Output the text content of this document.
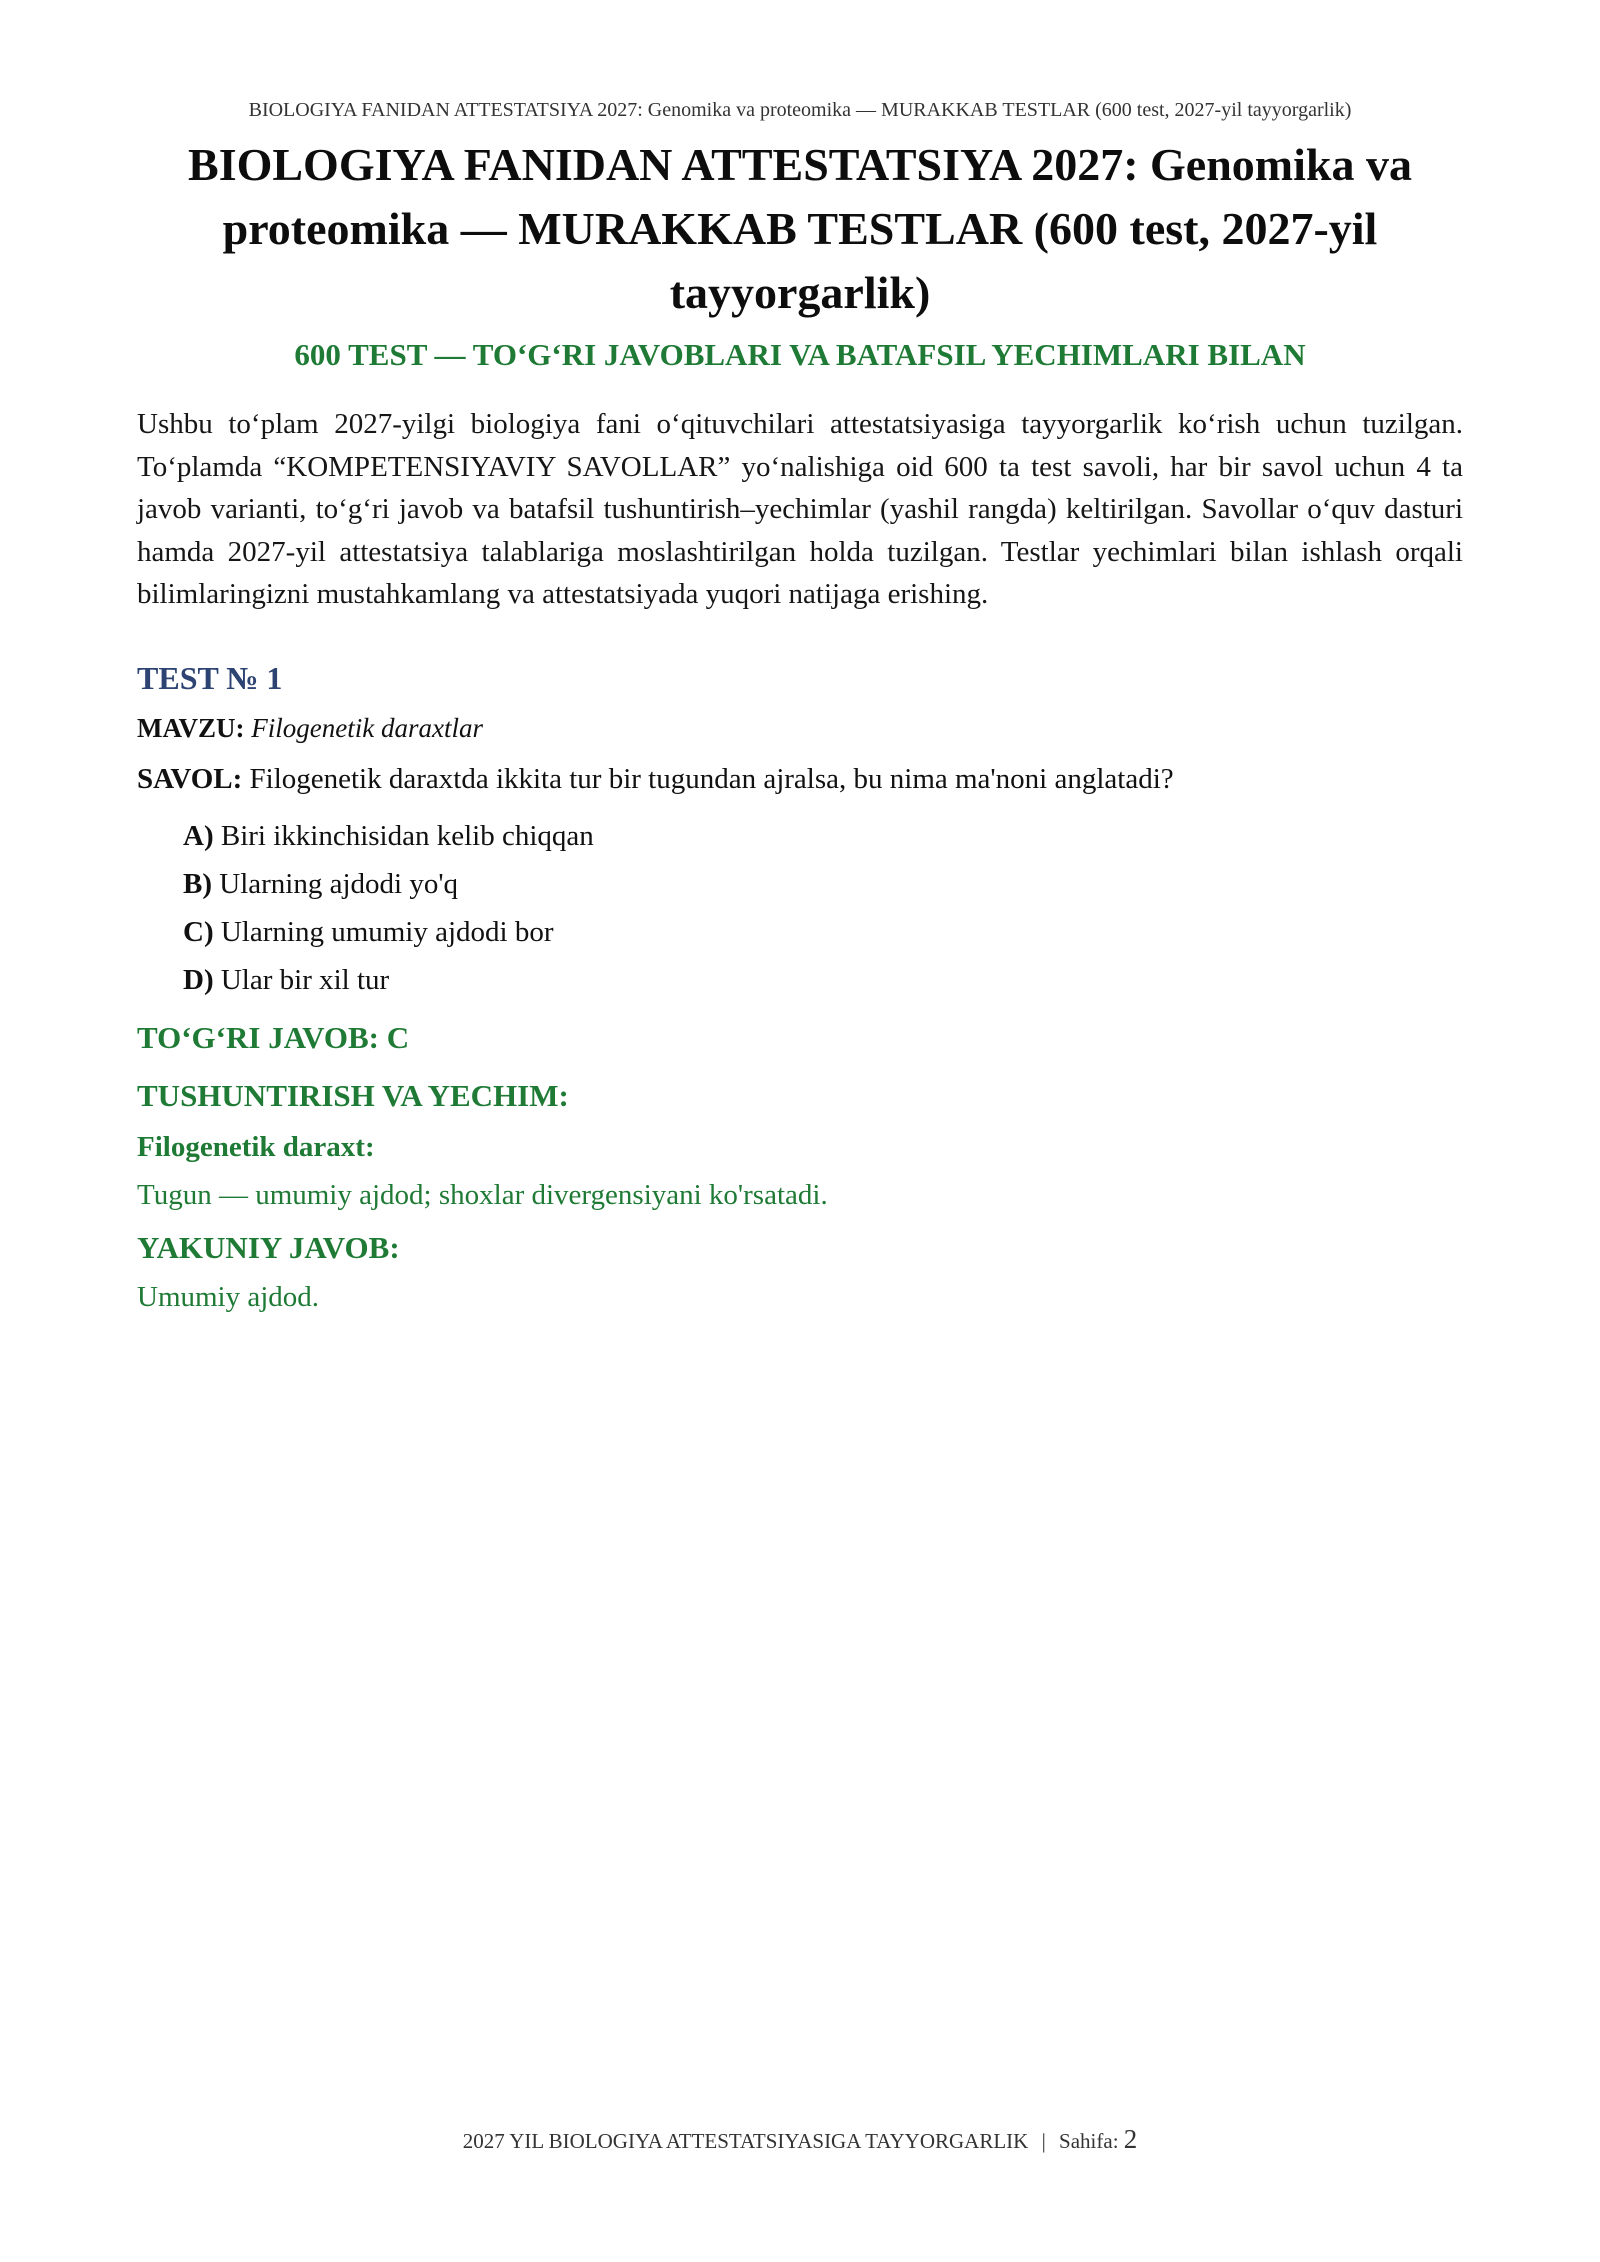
BIOLOGIYA FANIDAN ATTESTATSIYA 2027: Genomika va proteomika — MURAKKAB TESTLAR (600 test, 2027-yil tayyorgarlik)
BIOLOGIYA FANIDAN ATTESTATSIYA 2027: Genomika va proteomika — MURAKKAB TESTLAR (600 test, 2027-yil tayyorgarlik)
600 TEST — TO‘G‘RI JAVOBLARI VA BATAFSIL YECHIMLARI BILAN

Ushbu to‘plam 2027-yilgi biologiya fani o‘qituvchilari attestatsiyasiga tayyorgarlik ko‘rish uchun tuzilgan. To‘plamda “KOMPETENSIYAVIY SAVOLLAR” yo‘nalishiga oid 600 ta test savoli, har bir savol uchun 4 ta javob varianti, to‘g‘ri javob va batafsil tushuntirish–yechimlar (yashil rangda) keltirilgan. Savollar o‘quv dasturi hamda 2027-yil attestatsiya talablariga moslashtirilgan holda tuzilgan. Testlar yechimlari bilan ishlash orqali bilimlaringizni mustahkamlang va attestatsiyada yuqori natijaga erishing.

TEST № 1
MAVZU: Filogenetik daraxtlar
SAVOL: Filogenetik daraxtda ikkita tur bir tugundan ajralsa, bu nima ma'noni anglatadi?
A) Biri ikkinchisidan kelib chiqqan
B) Ularning ajdodi yo'q
C) Ularning umumiy ajdodi bor
D) Ular bir xil tur
TO‘G‘RI JAVOB: C
TUSHUNTIRISH VA YECHIM:
Filogenetik daraxt:
Tugun — umumiy ajdod; shoxlar divergensiyani ko'rsatadi.
YAKUNIY JAVOB:
Umumiy ajdod.
2027 YIL BIOLOGIYA ATTESTATSIYASIGA TAYYORGARLIK | Sahifa: 2
